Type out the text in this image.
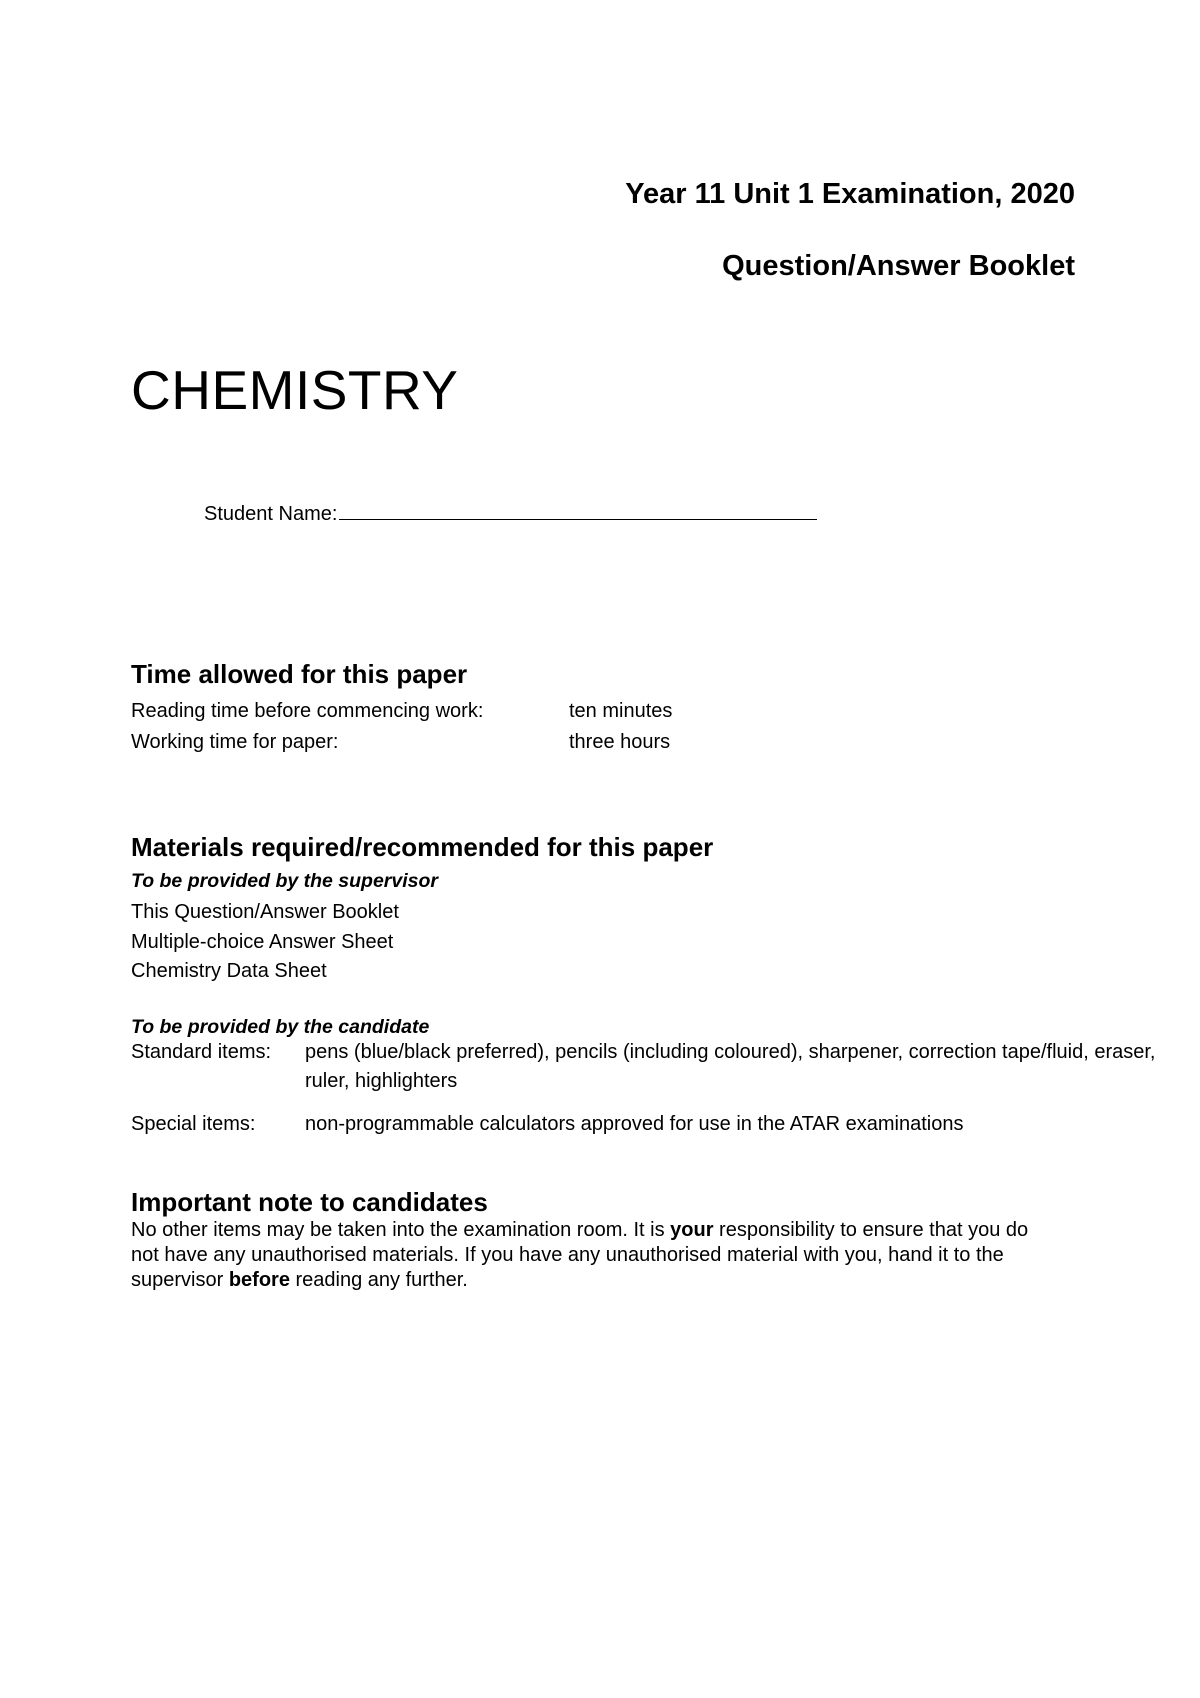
Year 11 Unit 1 Examination, 2020
Question/Answer Booklet
CHEMISTRY
Student Name:
Time allowed for this paper
Reading time before commencing work:	ten minutes
Working time for paper:	three hours
Materials required/recommended for this paper
To be provided by the supervisor
This Question/Answer Booklet
Multiple-choice Answer Sheet
Chemistry Data Sheet
To be provided by the candidate
Standard items: pens (blue/black preferred), pencils (including coloured), sharpener, correction tape/fluid, eraser, ruler, highlighters
Special items: non-programmable calculators approved for use in the ATAR examinations
Important note to candidates
No other items may be taken into the examination room. It is your responsibility to ensure that you do not have any unauthorised materials. If you have any unauthorised material with you, hand it to the supervisor before reading any further.
